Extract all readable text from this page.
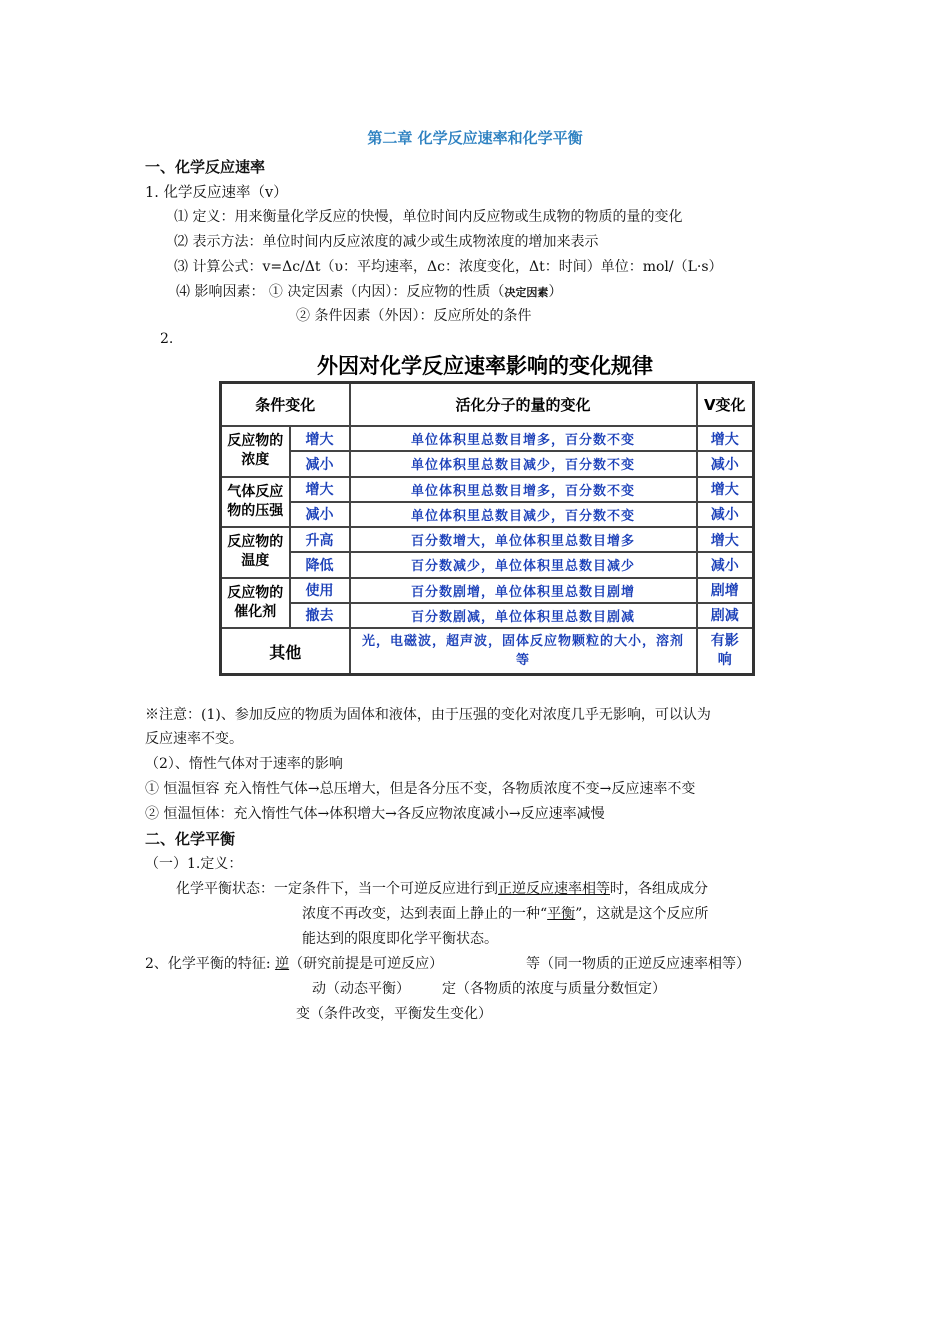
第二章 化学反应速率和化学平衡
一、化学反应速率
1. 化学反应速率（v）
⑴ 定义：用来衡量化学反应的快慢，单位时间内反应物或生成物的物质的量的变化
⑵ 表示方法：单位时间内反应浓度的减少或生成物浓度的增加来表示
⑶ 计算公式：v=Δc/Δt（υ：平均速率，Δc：浓度变化，Δt：时间）单位：mol/（L·s）
⑷ 影响因素： ① 决定因素（内因）：反应物的性质（决定因素）
② 条件因素（外因）：反应所处的条件
2.
外因对化学反应速率影响的变化规律
条件变化		活化分子的量的变化	V变化
反应物的浓度	增大	单位体积里总数目增多，百分数不变	增大
	减小	单位体积里总数目减少，百分数不变	减小
气体反应物的压强	增大	单位体积里总数目增多，百分数不变	增大
	减小	单位体积里总数目减少，百分数不变	减小
反应物的温度	升高	百分数增大，单位体积里总数目增多	增大
	降低	百分数减少，单位体积里总数目减少	减小
反应物的催化剂	使用	百分数剧增，单位体积里总数目剧增	剧增
	撤去	百分数剧减，单位体积里总数目剧减	剧减
其他		光，电磁波，超声波，固体反应物颗粒的大小，溶剂等	有影响
※注意：(1)、参加反应的物质为固体和液体，由于压强的变化对浓度几乎无影响，可以认为
反应速率不变。
（2）、惰性气体对于速率的影响
① 恒温恒容 充入惰性气体→总压增大，但是各分压不变，各物质浓度不变→反应速率不变
② 恒温恒体：充入惰性气体→体积增大→各反应物浓度减小→反应速率减慢
二、化学平衡
（一）1.定义：
化学平衡状态：一定条件下，当一个可逆反应进行到正逆反应速率相等时，各组成成分
浓度不再改变，达到表面上静止的一种“平衡”，这就是这个反应所
能达到的限度即化学平衡状态。
2、化学平衡的特征: 逆（研究前提是可逆反应）	等（同一物质的正逆反应速率相等）
动（动态平衡） 定（各物质的浓度与质量分数恒定）
变（条件改变，平衡发生变化）
